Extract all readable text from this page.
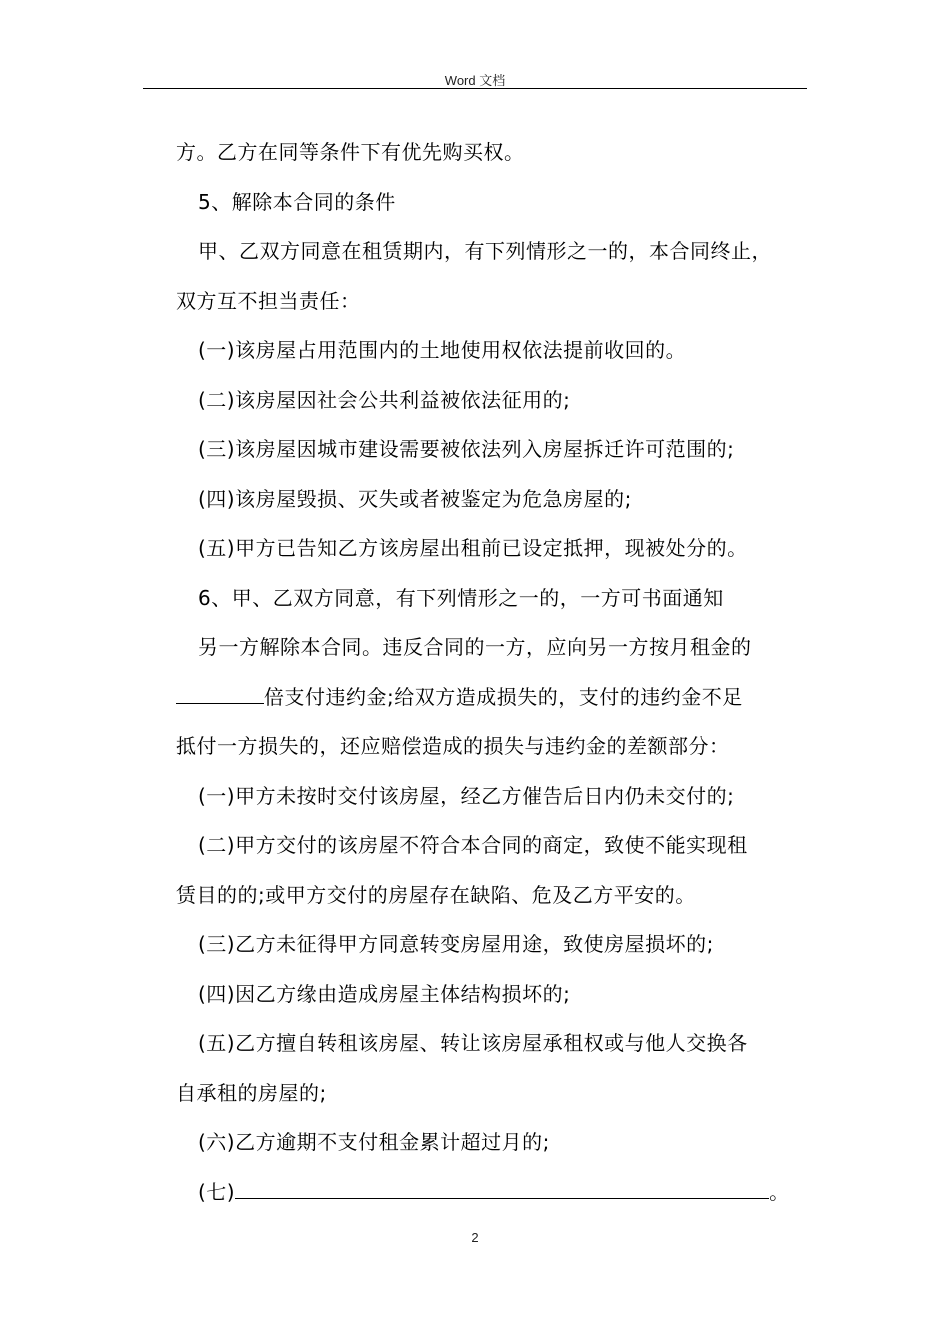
Word 文档
方。乙方在同等条件下有优先购买权。
5、解除本合同的条件
甲、乙双方同意在租赁期内，有下列情形之一的，本合同终止，
双方互不担当责任：
(一)该房屋占用范围内的土地使用权依法提前收回的。
(二)该房屋因社会公共利益被依法征用的;
(三)该房屋因城市建设需要被依法列入房屋拆迁许可范围的;
(四)该房屋毁损、灭失或者被鉴定为危急房屋的;
(五)甲方已告知乙方该房屋出租前已设定抵押，现被处分的。
6、甲、乙双方同意，有下列情形之一的，一方可书面通知
另一方解除本合同。违反合同的一方，应向另一方按月租金的
倍支付违约金;给双方造成损失的，支付的违约金不足
抵付一方损失的，还应赔偿造成的损失与违约金的差额部分：
(一)甲方未按时交付该房屋，经乙方催告后日内仍未交付的;
(二)甲方交付的该房屋不符合本合同的商定，致使不能实现租
赁目的的;或甲方交付的房屋存在缺陷、危及乙方平安的。
(三)乙方未征得甲方同意转变房屋用途，致使房屋损坏的;
(四)因乙方缘由造成房屋主体结构损坏的;
(五)乙方擅自转租该房屋、转让该房屋承租权或与他人交换各
自承租的房屋的;
(六)乙方逾期不支付租金累计超过月的;
(七)	。
2
